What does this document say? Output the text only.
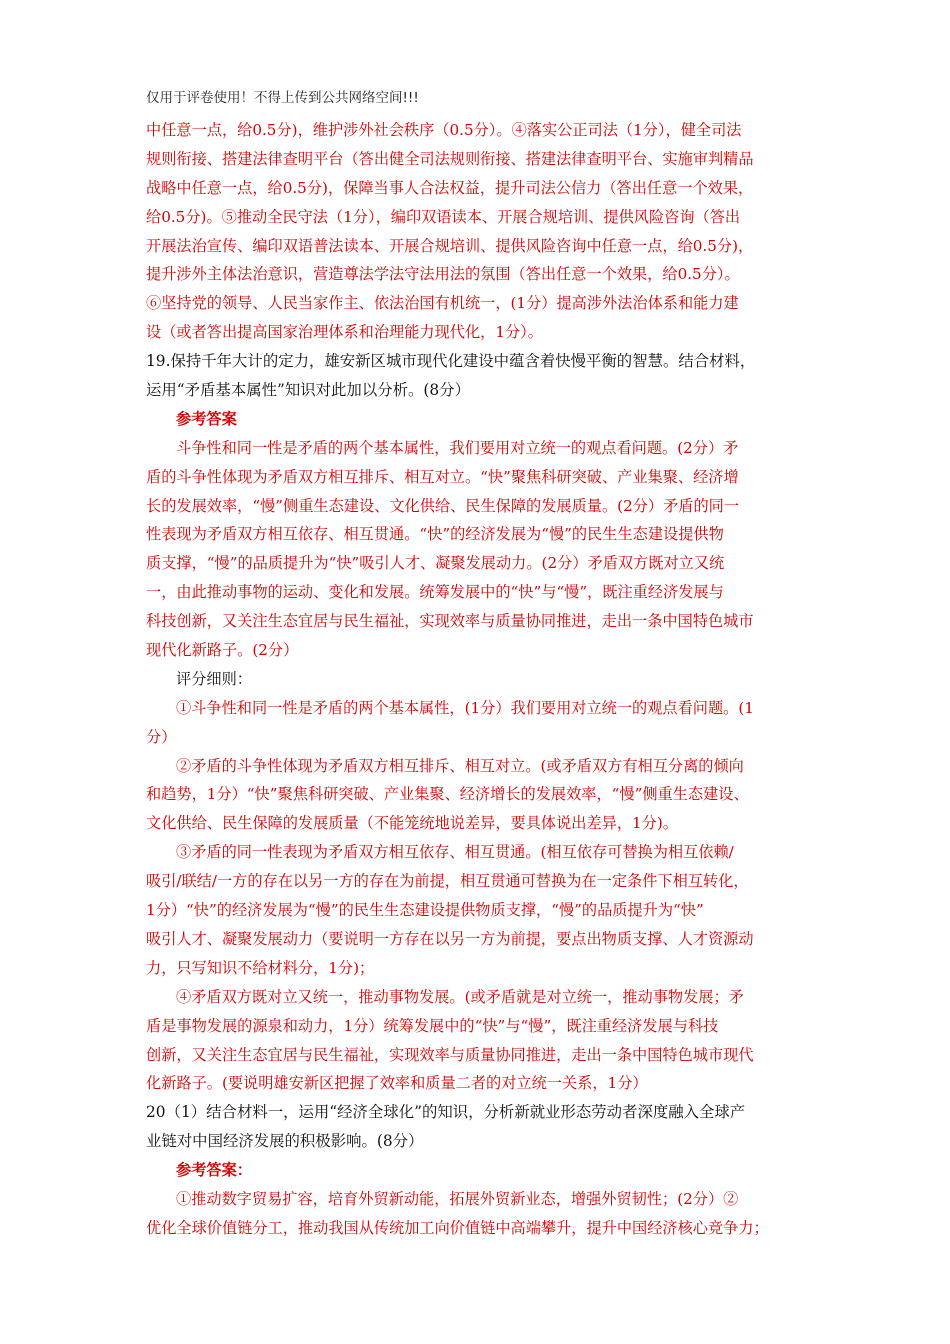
仅用于评卷使用！不得上传到公共网络空间!!!
中任意一点，给0.5分)，维护涉外社会秩序（0.5分）。④落实公正司法（1分），健全司法
规则衔接、搭建法律查明平台（答出健全司法规则衔接、搭建法律查明平台、实施审判精品
战略中任意一点，给0.5分)，保障当事人合法权益，提升司法公信力（答出任意一个效果，
给0.5分)。⑤推动全民守法（1分），编印双语读本、开展合规培训、提供风险咨询（答出
开展法治宣传、编印双语普法读本、开展合规培训、提供风险咨询中任意一点，给0.5分)，
提升涉外主体法治意识，营造尊法学法守法用法的氛围（答出任意一个效果，给0.5分）。
⑥坚持党的领导、人民当家作主、依法治国有机统一，(1分）提高涉外法治体系和能力建
设（或者答出提高国家治理体系和治理能力现代化，1分）。
19.保持千年大计的定力，雄安新区城市现代化建设中蕴含着快慢平衡的智慧。结合材料，
运用“矛盾基本属性”知识对此加以分析。(8分）
参考答案
斗争性和同一性是矛盾的两个基本属性，我们要用对立统一的观点看问题。(2分）矛
盾的斗争性体现为矛盾双方相互排斥、相互对立。“快”聚焦科研突破、产业集聚、经济增
长的发展效率，“慢”侧重生态建设、文化供给、民生保障的发展质量。(2分）矛盾的同一
性表现为矛盾双方相互依存、相互贯通。“快”的经济发展为“慢”的民生生态建设提供物
质支撑，“慢”的品质提升为“快”吸引人才、凝聚发展动力。(2分）矛盾双方既对立又统
一，由此推动事物的运动、变化和发展。统筹发展中的“快”与“慢”，既注重经济发展与
科技创新，又关注生态宜居与民生福祉，实现效率与质量协同推进，走出一条中国特色城市
现代化新路子。(2分）
评分细则：
①斗争性和同一性是矛盾的两个基本属性，(1分）我们要用对立统一的观点看问题。(1
分）
②矛盾的斗争性体现为矛盾双方相互排斥、相互对立。(或矛盾双方有相互分离的倾向
和趋势，1分）“快”聚焦科研突破、产业集聚、经济增长的发展效率，“慢”侧重生态建设、
文化供给、民生保障的发展质量（不能笼统地说差异，要具体说出差异，1分)。
③矛盾的同一性表现为矛盾双方相互依存、相互贯通。(相互依存可替换为相互依赖/
吸引/联结/一方的存在以另一方的存在为前提，相互贯通可替换为在一定条件下相互转化，
1分）“快”的经济发展为“慢”的民生生态建设提供物质支撑，“慢”的品质提升为“快”
吸引人才、凝聚发展动力（要说明一方存在以另一方为前提，要点出物质支撑、人才资源动
力，只写知识不给材料分，1分)；
④矛盾双方既对立又统一，推动事物发展。(或矛盾就是对立统一，推动事物发展；矛
盾是事物发展的源泉和动力，1分）统筹发展中的“快”与“慢”，既注重经济发展与科技
创新，又关注生态宜居与民生福祉，实现效率与质量协同推进，走出一条中国特色城市现代
化新路子。(要说明雄安新区把握了效率和质量二者的对立统一关系，1分）
20（1）结合材料一，运用“经济全球化”的知识，分析新就业形态劳动者深度融入全球产
业链对中国经济发展的积极影响。(8分）
参考答案：
①推动数字贸易扩容，培育外贸新动能，拓展外贸新业态，增强外贸韧性；(2分）②
优化全球价值链分工，推动我国从传统加工向价值链中高端攀升，提升中国经济核心竞争力；
